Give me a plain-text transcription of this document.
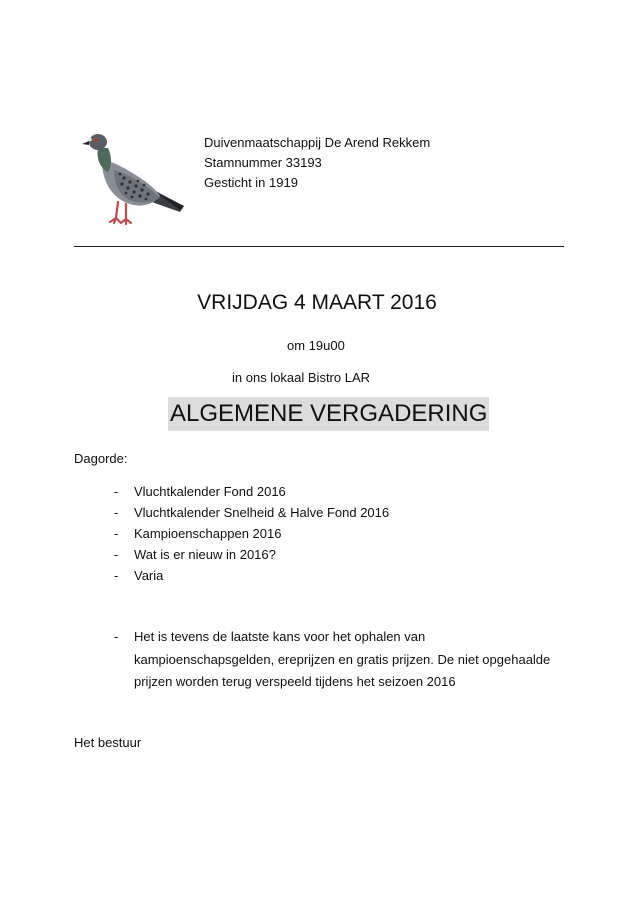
Duivenmaatschappij De Arend Rekkem
Stamnummer 33193
Gesticht in 1919
VRIJDAG 4 MAART 2016
om 19u00
in ons lokaal Bistro LAR
ALGEMENE VERGADERING
Dagorde:
- Vluchtkalender Fond 2016
- Vluchtkalender Snelheid & Halve Fond 2016
- Kampioenschappen 2016
- Wat is er nieuw in 2016?
- Varia
-	Het is tevens de laatste kans voor het ophalen van kampioenschapsgelden, ereprijzen en gratis prijzen. De niet opgehaalde prijzen worden terug verspeeld tijdens het seizoen 2016
Het bestuur
